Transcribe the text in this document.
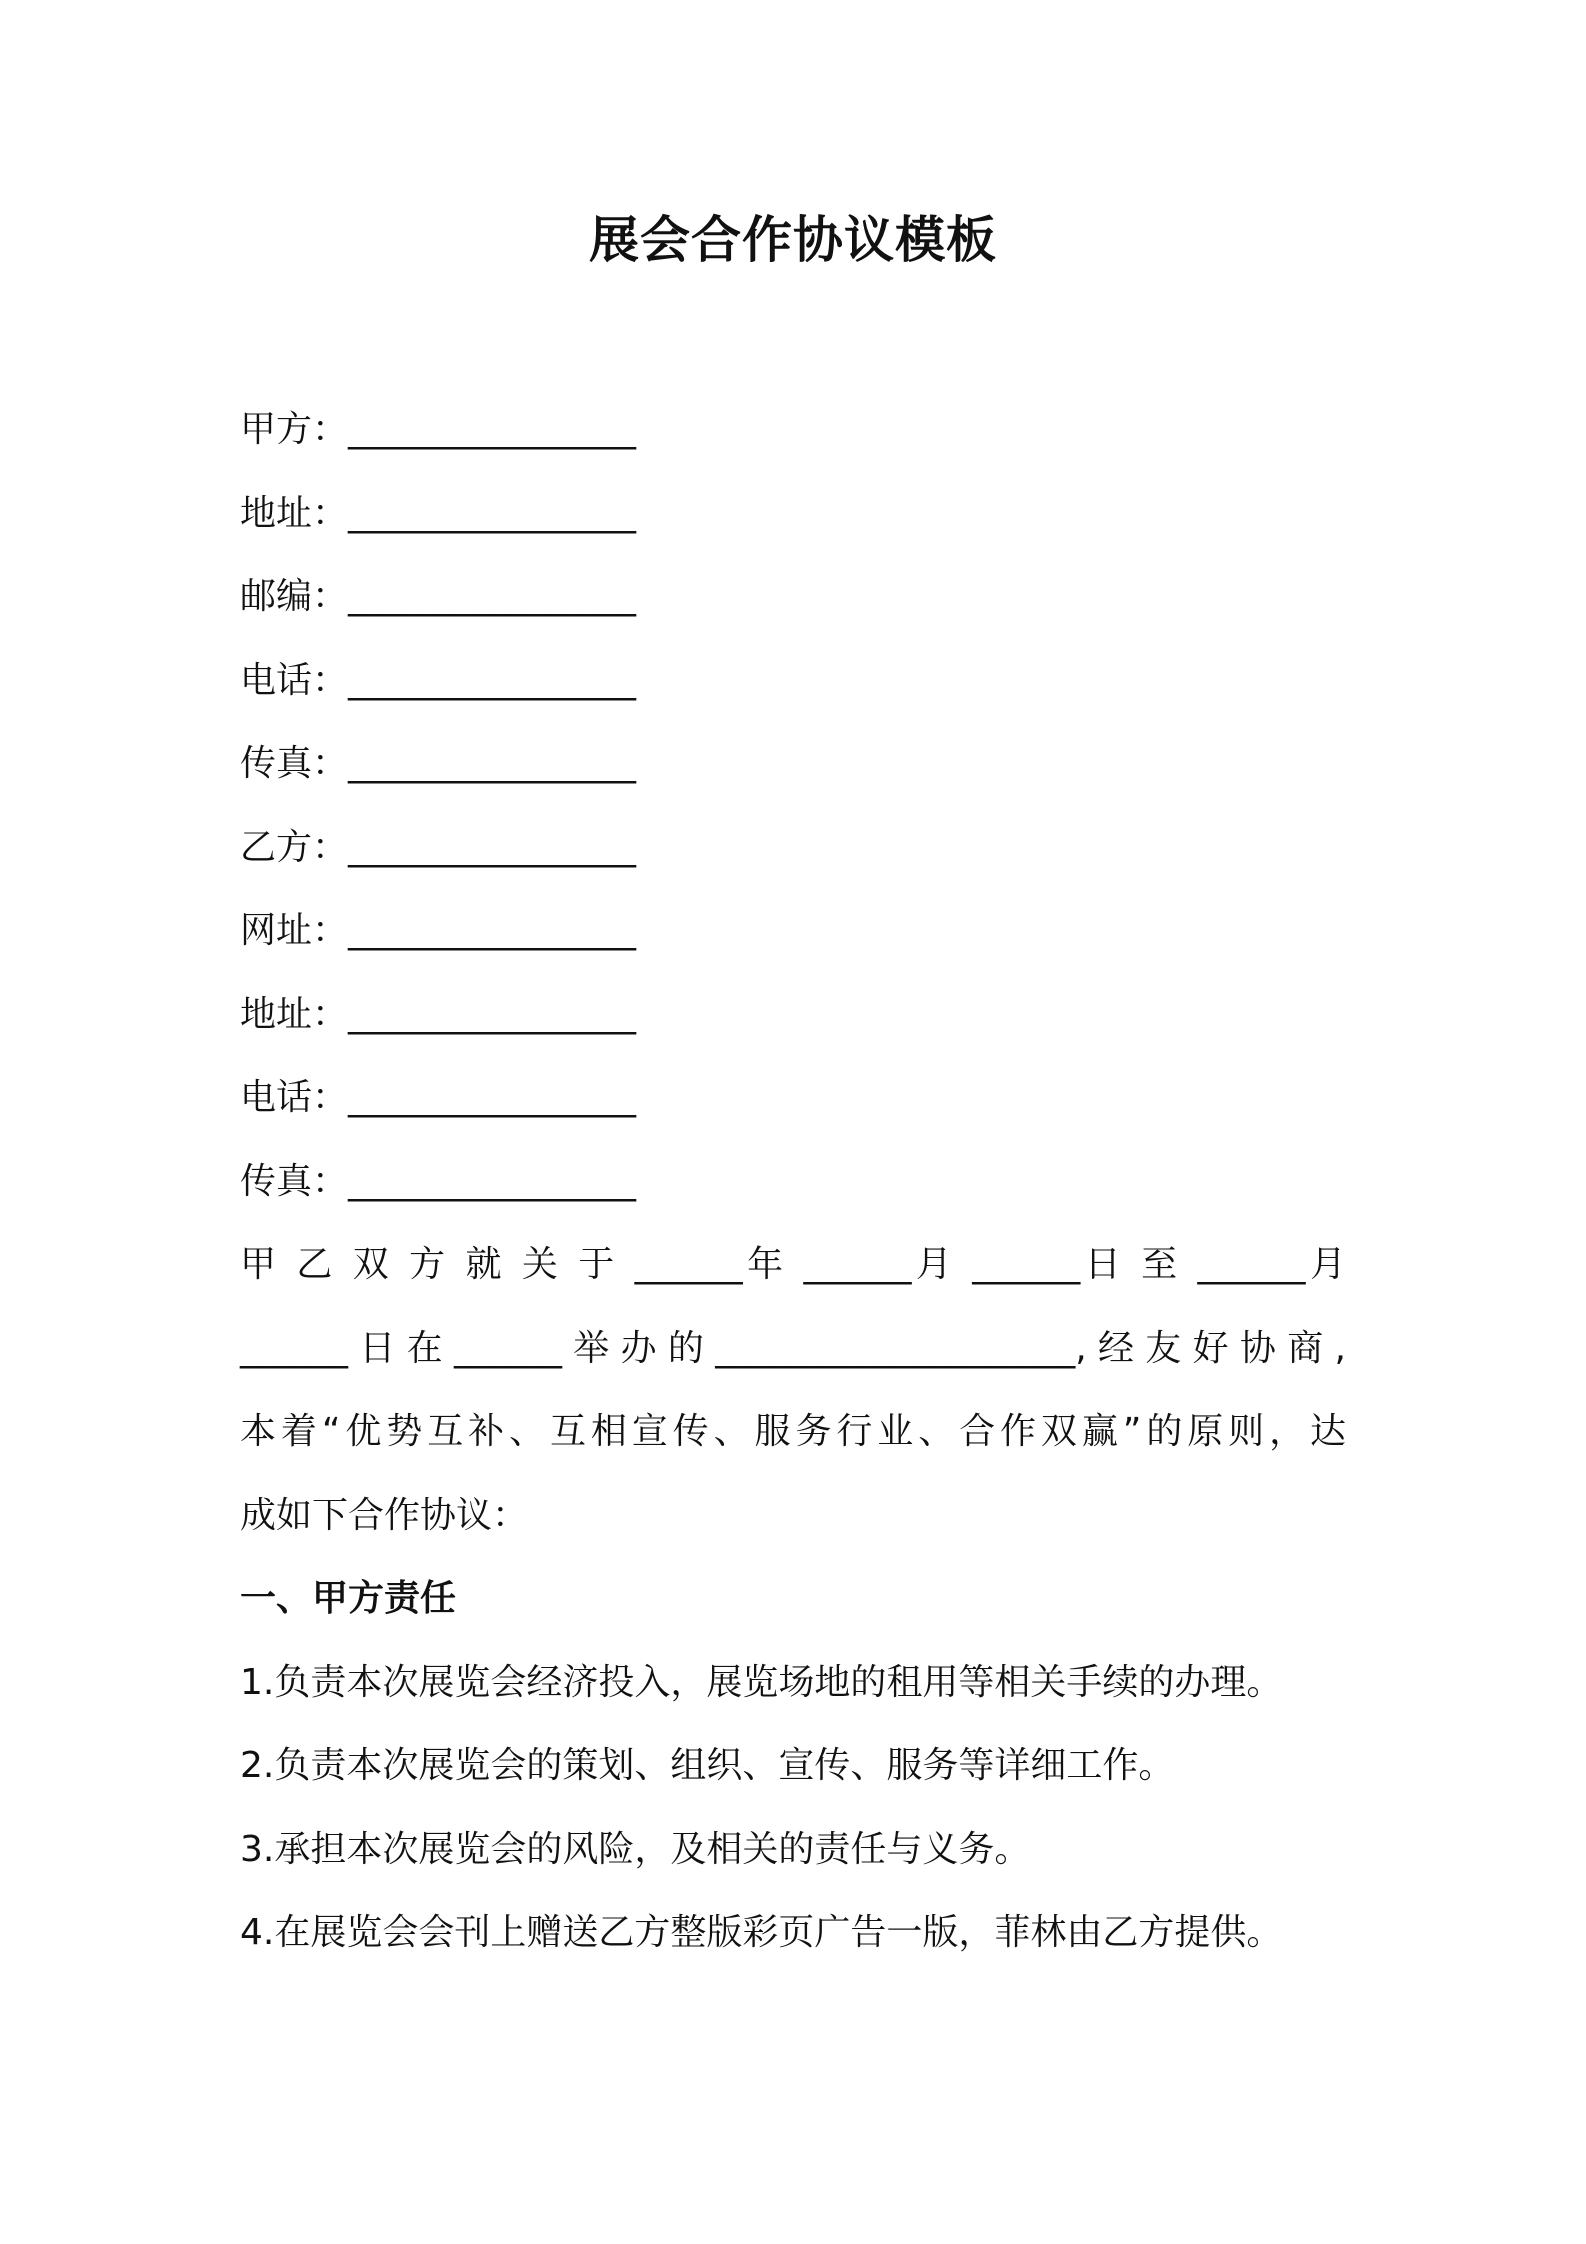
展会合作协议模板
甲方：________________
地址：________________
邮编：________________
电话：________________
传真：________________
乙方：________________
网址：________________
地址：________________
电话：________________
传真：________________
甲 乙 双 方 就 关 于 ______年 ______月 ______日 至 ______月
______日在______举办的____________________,经友好协商,
本着“优势互补、互相宣传、服务行业、合作双赢”的原则，达
成如下合作协议：
一、甲方责任
1.负责本次展览会经济投入，展览场地的租用等相关手续的办理。
2.负责本次展览会的策划、组织、宣传、服务等详细工作。
3.承担本次展览会的风险，及相关的责任与义务。
4.在展览会会刊上赠送乙方整版彩页广告一版，菲林由乙方提供。
